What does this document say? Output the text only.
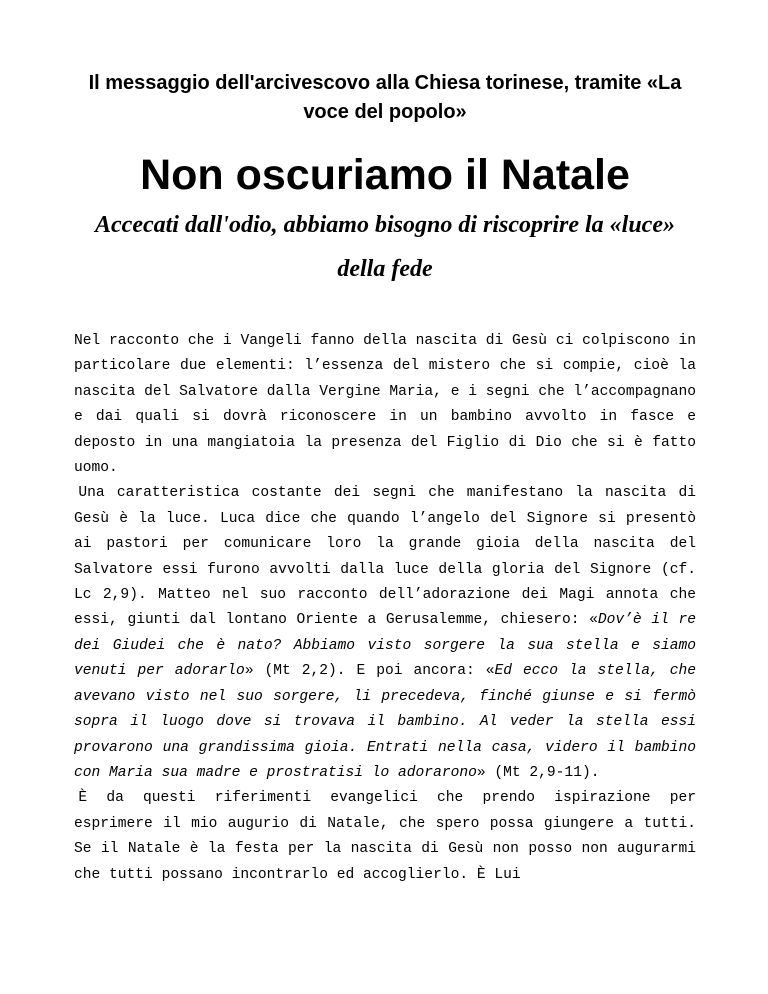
Il messaggio dell'arcivescovo alla Chiesa torinese, tramite «La voce del popolo»
Non oscuriamo il Natale
Accecati dall'odio, abbiamo bisogno di riscoprire la «luce» della fede

Nel racconto che i Vangeli fanno della nascita di Gesù ci colpiscono in particolare due elementi: l’essenza del mistero che si compie, cioè la nascita del Salvatore dalla Vergine Maria, e i segni che l’accompagnano e dai quali si dovrà riconoscere in un bambino avvolto in fasce e deposto in una mangiatoia la presenza del Figlio di Dio che si è fatto uomo.

Una caratteristica costante dei segni che manifestano la nascita di Gesù è la luce. Luca dice che quando l’angelo del Signore si presentò ai pastori per comunicare loro la grande gioia della nascita del Salvatore essi furono avvolti dalla luce della gloria del Signore (cf. Lc 2,9). Matteo nel suo racconto dell’adorazione dei Magi annota che essi, giunti dal lontano Oriente a Gerusalemme, chiesero: «Dov’è il re dei Giudei che è nato? Abbiamo visto sorgere la sua stella e siamo venuti per adorarlo» (Mt 2,2). E poi ancora: «Ed ecco la stella, che avevano visto nel suo sorgere, li precedeva, finché giunse e si fermò sopra il luogo dove si trovava il bambino. Al veder la stella essi provarono una grandissima gioia. Entrati nella casa, videro il bambino con Maria sua madre e prostratisi lo adorarono» (Mt 2,9-11).

È da questi riferimenti evangelici che prendo ispirazione per esprimere il mio augurio di Natale, che spero possa giungere a tutti. Se il Natale è la festa per la nascita di Gesù non posso non augurarmi che tutti possano incontrarlo ed accoglierlo. È Lui
